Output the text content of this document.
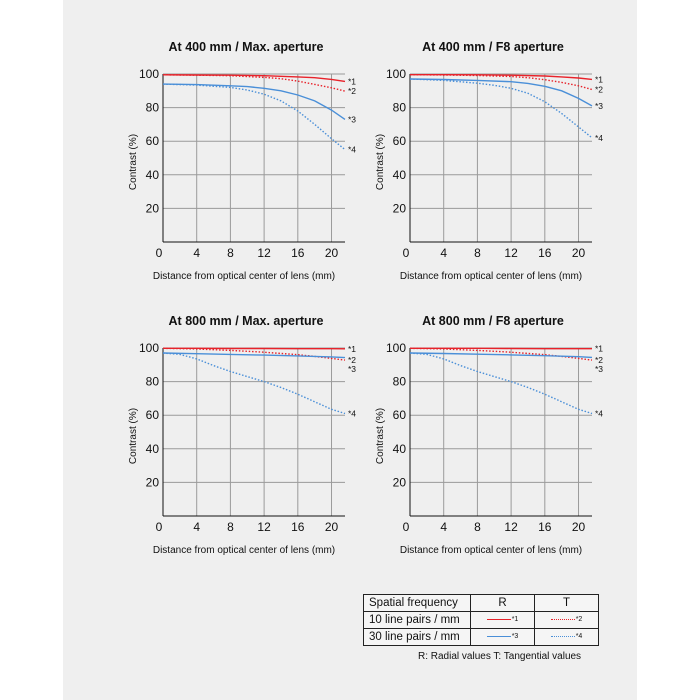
At 400 mm / Max. aperture
0	4 8 12 16 20
20
40
60
80
100
Distance from optical center of lens (mm)
Contrast (%)
*1
*2
*3
*4
At 400 mm / F8 aperture
0	4 8 12 16 20
20
40
60
80
100
Distance from optical center of lens (mm)
Contrast (%)
*1
*2
*3
*4
At 800 mm / Max. aperture
0	4 8 12 16 20
20
40
60
80
100
Distance from optical center of lens (mm)
Contrast (%)
*1
*2
*3
*4
At 800 mm / F8 aperture
0	4 8 12 16 20
20
40
60
80
100
Distance from optical center of lens (mm)
Contrast (%)
*1
*2
*3
*4
Spatial frequency	R	T
10 line pairs / mm	*1	*2
30 line pairs / mm	*3	*4
R: Radial values T: Tangential values
